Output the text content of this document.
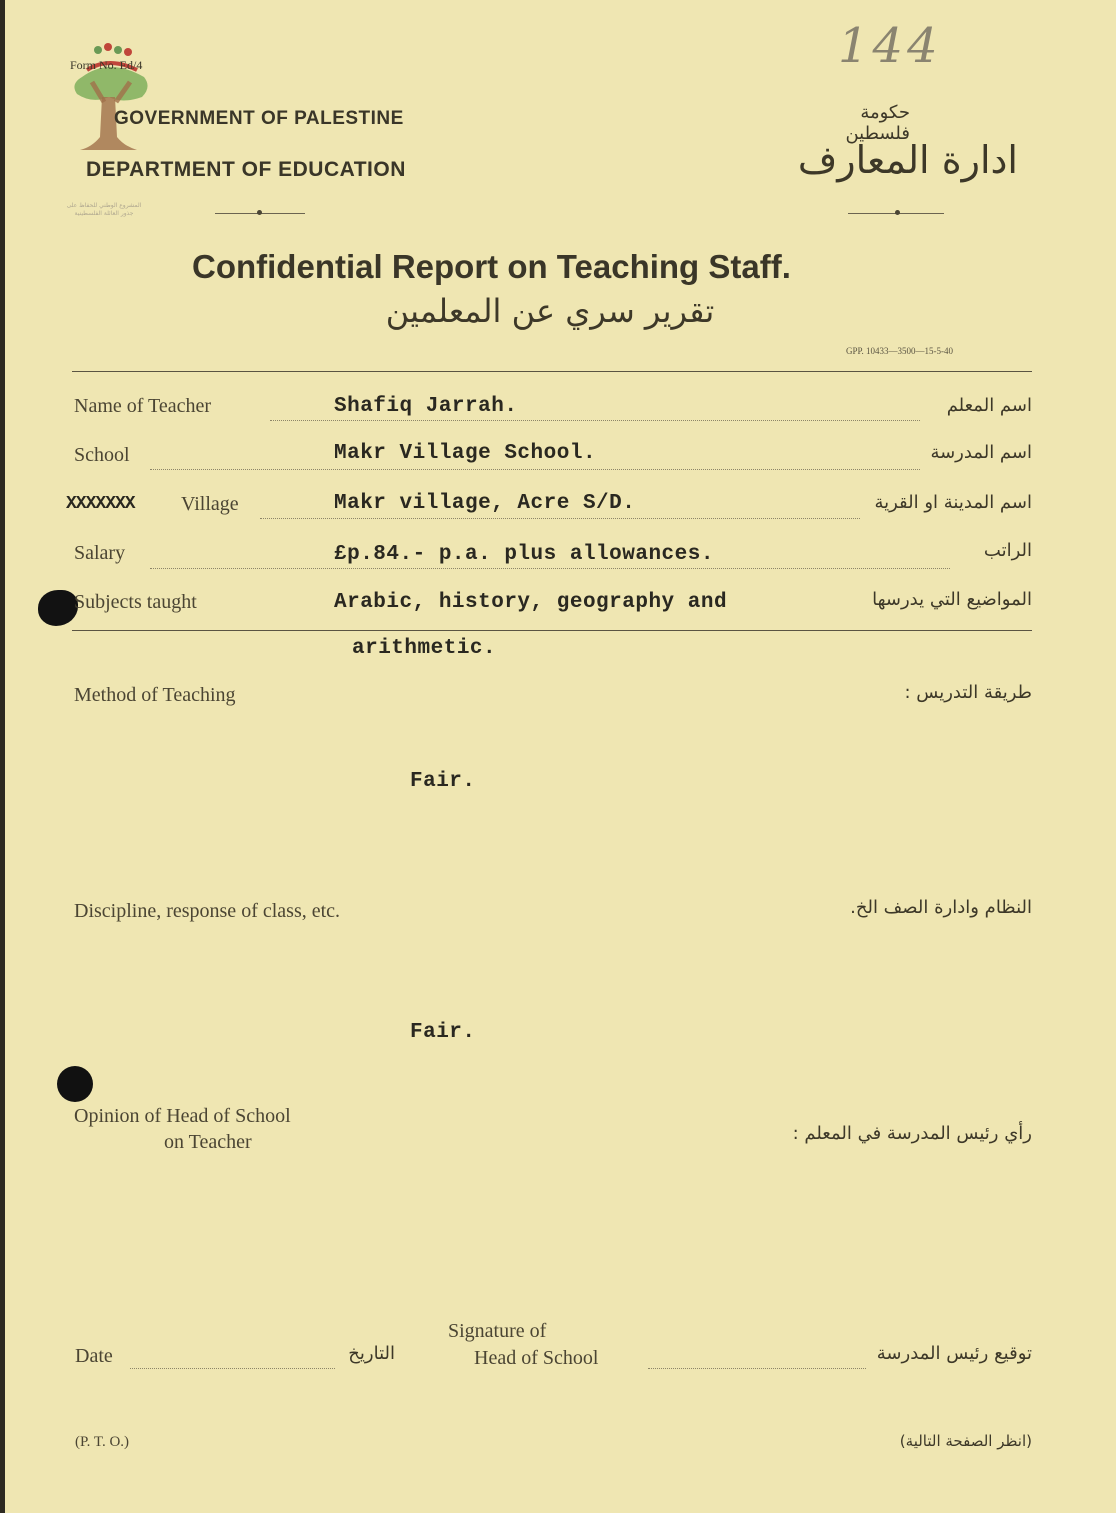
المشروع الوطني للحفاظ على
جذور العائلة الفلسطينية
Form No. Ed/4
GOVERNMENT OF PALESTINE
DEPARTMENT OF EDUCATION
144
حكومة فلسطين
ادارة المعارف
Confidential Report on Teaching Staff.
تقرير سري عن المعلمين
GPP. 10433—3500—15-5-40
Name of Teacher	Shafiq Jarrah.	اسم المعلم
School	Makr Village School.	اسم المدرسة
XXXXXXX Village	Makr village, Acre S/D.	اسم المدينة او القرية
Salary	£p.84.- p.a. plus allowances.	الراتب
Subjects taught	Arabic, history, geography and	المواضيع التي يدرسها
arithmetic.
Method of Teaching	طريقة التدريس :
Fair.
Discipline, response of class, etc.	النظام وادارة الصف الخ.
Fair.
Opinion of Head of School
on Teacher	رأي رئيس المدرسة في المعلم :
Date	التاريخ
Signature of
Head of School	توقيع رئيس المدرسة
(P. T. O.)	(انظر الصفحة التالية)
